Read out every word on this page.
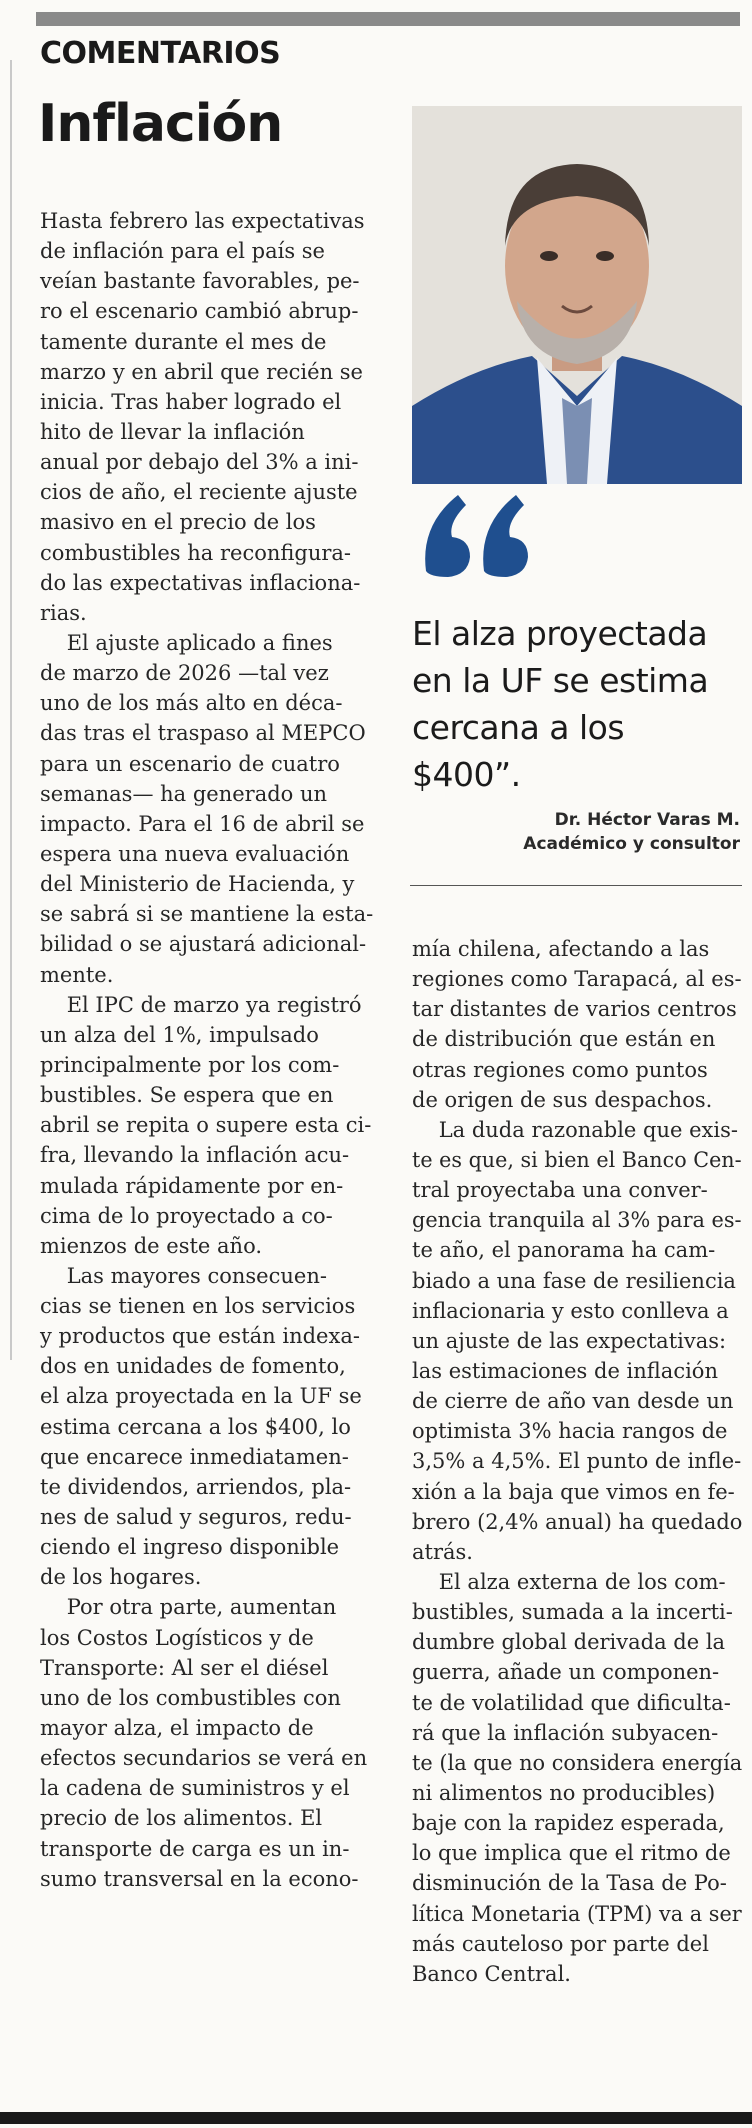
COMENTARIOS
Inflación
El alza proyectada
en la UF se estima
cercana a los
$400”.
Dr. Héctor Varas M.
Académico y consultor
Hasta febrero las expectativas
de inflación para el país se
veían bastante favorables, pe-
ro el escenario cambió abrup-
tamente durante el mes de
marzo y en abril que recién se
inicia. Tras haber logrado el
hito de llevar la inflación
anual por debajo del 3% a ini-
cios de año, el reciente ajuste
masivo en el precio de los
combustibles ha reconfigura-
do las expectativas inflaciona-
rias.
El ajuste aplicado a fines
de marzo de 2026 —tal vez
uno de los más alto en déca-
das tras el traspaso al MEPCO
para un escenario de cuatro
semanas— ha generado un
impacto. Para el 16 de abril se
espera una nueva evaluación
del Ministerio de Hacienda, y
se sabrá si se mantiene la esta-
bilidad o se ajustará adicional-
mente.
El IPC de marzo ya registró
un alza del 1%, impulsado
principalmente por los com-
bustibles. Se espera que en
abril se repita o supere esta ci-
fra, llevando la inflación acu-
mulada rápidamente por en-
cima de lo proyectado a co-
mienzos de este año.
Las mayores consecuen-
cias se tienen en los servicios
y productos que están indexa-
dos en unidades de fomento,
el alza proyectada en la UF se
estima cercana a los $400, lo
que encarece inmediatamen-
te dividendos, arriendos, pla-
nes de salud y seguros, redu-
ciendo el ingreso disponible
de los hogares.
Por otra parte, aumentan
los Costos Logísticos y de
Transporte: Al ser el diésel
uno de los combustibles con
mayor alza, el impacto de
efectos secundarios se verá en
la cadena de suministros y el
precio de los alimentos. El
transporte de carga es un in-
sumo transversal en la econo-
mía chilena, afectando a las
regiones como Tarapacá, al es-
tar distantes de varios centros
de distribución que están en
otras regiones como puntos
de origen de sus despachos.
La duda razonable que exis-
te es que, si bien el Banco Cen-
tral proyectaba una conver-
gencia tranquila al 3% para es-
te año, el panorama ha cam-
biado a una fase de resiliencia
inflacionaria y esto conlleva a
un ajuste de las expectativas:
las estimaciones de inflación
de cierre de año van desde un
optimista 3% hacia rangos de
3,5% a 4,5%. El punto de infle-
xión a la baja que vimos en fe-
brero (2,4% anual) ha quedado
atrás.
El alza externa de los com-
bustibles, sumada a la incerti-
dumbre global derivada de la
guerra, añade un componen-
te de volatilidad que dificulta-
rá que la inflación subyacen-
te (la que no considera energía
ni alimentos no producibles)
baje con la rapidez esperada,
lo que implica que el ritmo de
disminución de la Tasa de Po-
lítica Monetaria (TPM) va a ser
más cauteloso por parte del
Banco Central.
